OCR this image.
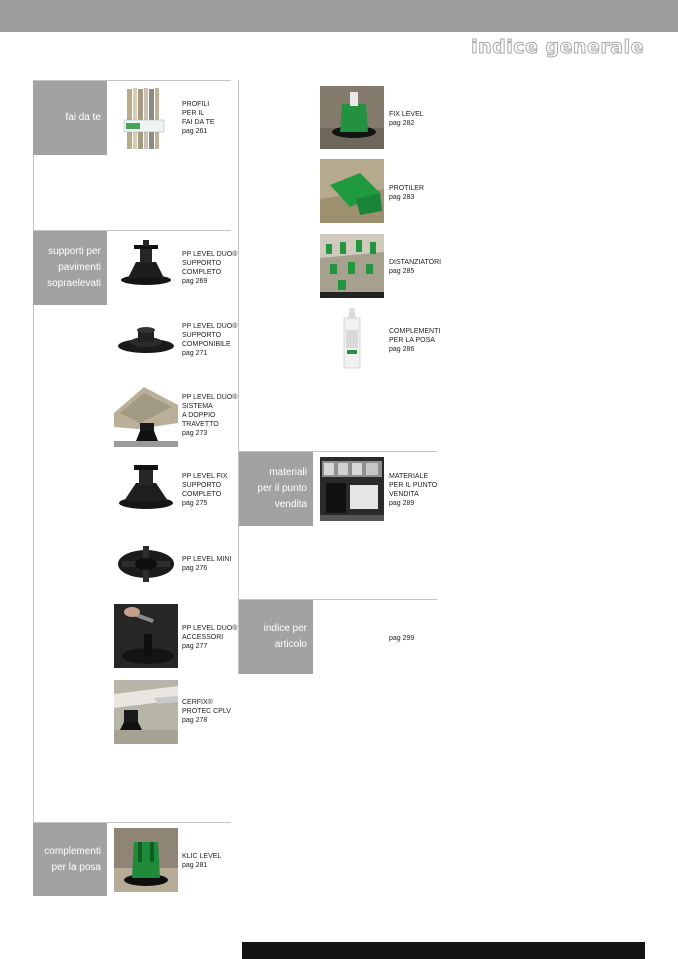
indice generale
fai da te
supporti per
pavimenti
sopraelevati
complementi
per la posa
materiali
per il punto
vendita
indice per
articolo
PROFILI
PER IL
FAI DA TE
pag 261
PP LEVEL DUO®
SUPPORTO
COMPLETO
pag 269
PP LEVEL DUO®
SUPPORTO
COMPONIBILE
pag 271
PP LEVEL DUO®
SISTEMA
A DOPPIO
TRAVETTO
pag 273
PP LEVEL FIX
SUPPORTO
COMPLETO
pag 275
PP LEVEL MINI
pag 276
PP LEVEL DUO®
ACCESSORI
pag 277
CERFIX®
PROTEC CPLV
pag 278
KLIC LEVEL
pag 281
FIX LEVEL
pag 282
PROTILER
pag 283
DISTANZIATORI
pag 285
COMPLEMENTI
PER LA POSA
pag 286
MATERIALE
PER IL PUNTO
VENDITA
pag 289
pag 299
